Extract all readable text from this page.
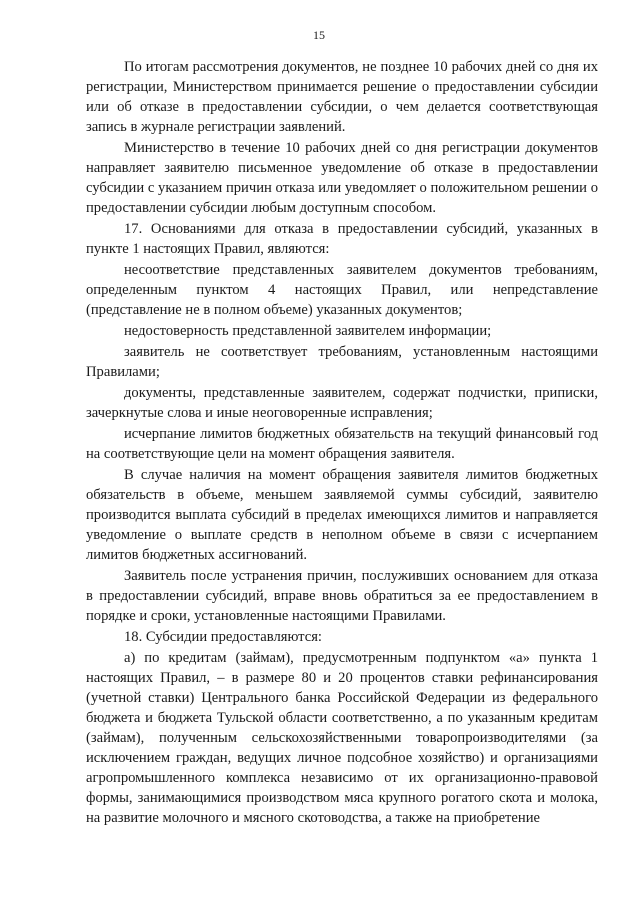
15

По итогам рассмотрения документов, не позднее 10 рабочих дней со дня их регистрации, Министерством принимается решение о предоставлении субсидии или об отказе в предоставлении субсидии, о чем делается соответствующая запись в журнале регистрации заявлений.

Министерство в течение 10 рабочих дней со дня регистрации документов направляет заявителю письменное уведомление об отказе в предоставлении субсидии с указанием причин отказа или уведомляет о положительном решении о предоставлении субсидии любым доступным способом.

17. Основаниями для отказа в предоставлении субсидий, указанных в пункте 1 настоящих Правил, являются:

несоответствие представленных заявителем документов требованиям, определенным пунктом 4 настоящих Правил, или непредставление (представление не в полном объеме) указанных документов;

недостоверность представленной заявителем информации;

заявитель не соответствует требованиям, установленным настоящими Правилами;

документы, представленные заявителем, содержат подчистки, приписки, зачеркнутые слова и иные неоговоренные исправления;

исчерпание лимитов бюджетных обязательств на текущий финансовый год на соответствующие цели на момент обращения заявителя.

В случае наличия на момент обращения заявителя лимитов бюджетных обязательств в объеме, меньшем заявляемой суммы субсидий, заявителю производится выплата субсидий в пределах имеющихся лимитов и направляется уведомление о выплате средств в неполном объеме в связи с исчерпанием лимитов бюджетных ассигнований.

Заявитель после устранения причин, послуживших основанием для отказа в предоставлении субсидий, вправе вновь обратиться за ее предоставлением в порядке и сроки, установленные настоящими Правилами.

18. Субсидии предоставляются:

а) по кредитам (займам), предусмотренным подпунктом «а» пункта 1 настоящих Правил, – в размере 80 и 20 процентов ставки рефинансирования (учетной ставки) Центрального банка Российской Федерации из федерального бюджета и бюджета Тульской области соответственно, а по указанным кредитам (займам), полученным сельскохозяйственными товаропроизводителями (за исключением граждан, ведущих личное подсобное хозяйство) и организациями агропромышленного комплекса независимо от их организационно-правовой формы, занимающимися производством мяса крупного рогатого скота и молока, на развитие молочного и мясного скотоводства, а также на приобретение
